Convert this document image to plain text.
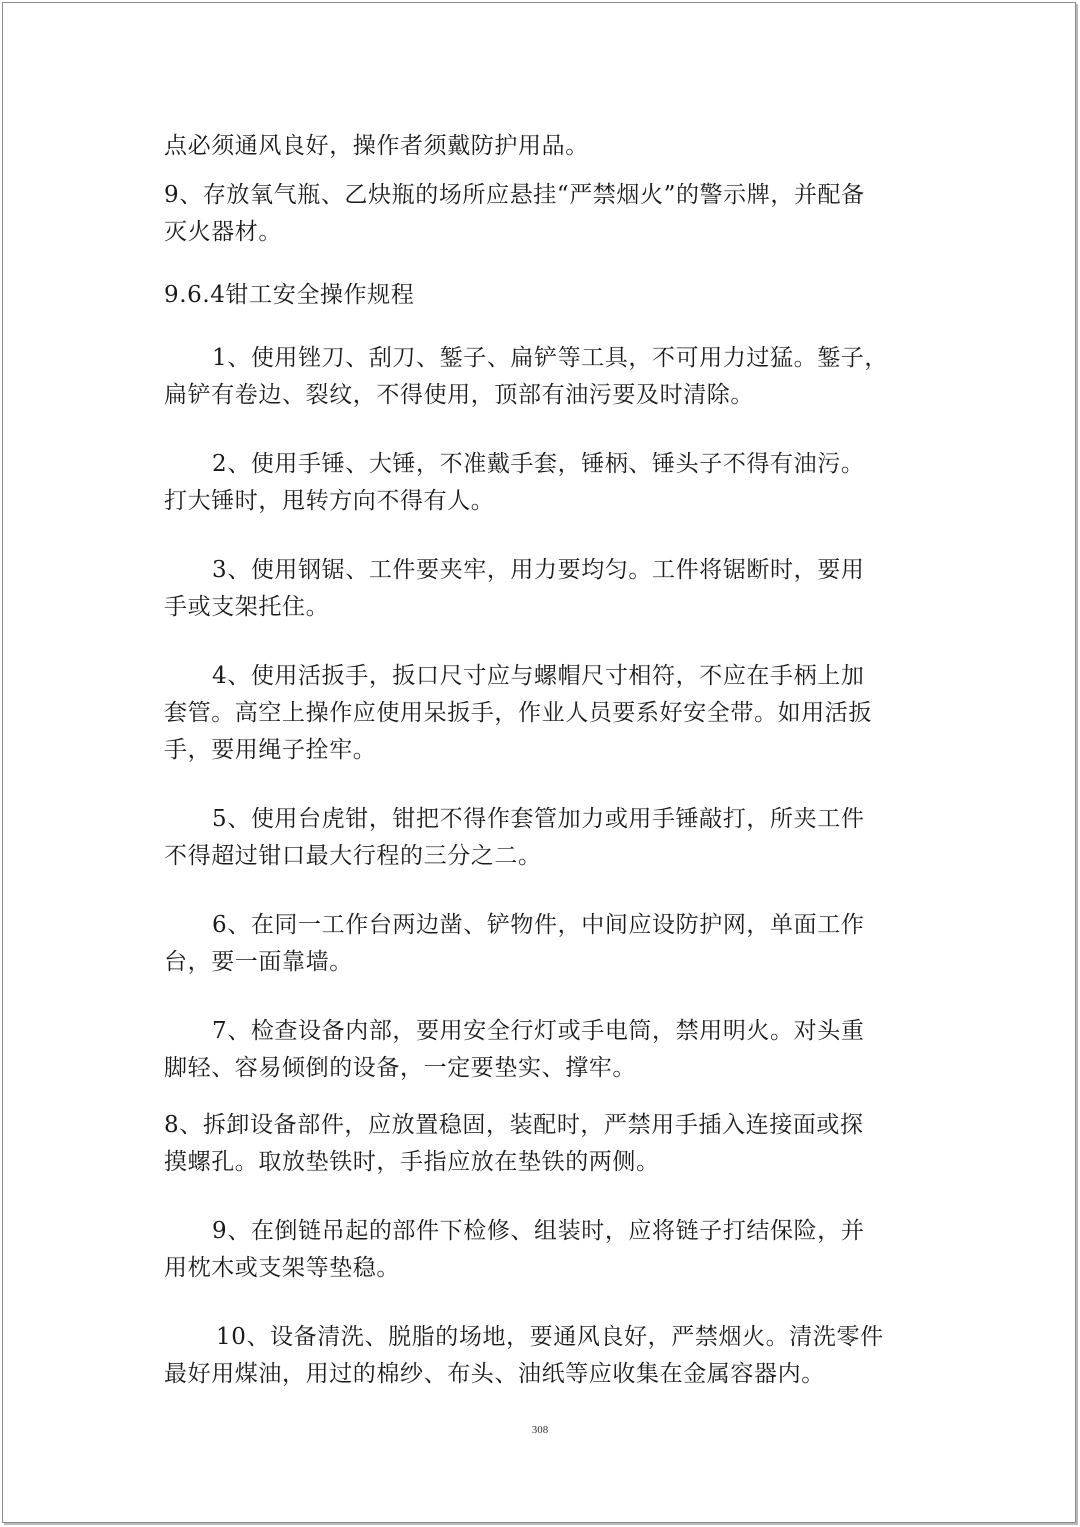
点必须通风良好，操作者须戴防护用品。
9、存放氧气瓶、乙炔瓶的场所应悬挂“严禁烟火”的警示牌，并配备
灭火器材。
9.6.4钳工安全操作规程
1、使用锉刀、刮刀、錾子、扁铲等工具，不可用力过猛。錾子，
扁铲有卷边、裂纹，不得使用，顶部有油污要及时清除。
2、使用手锤、大锤，不准戴手套，锤柄、锤头子不得有油污。
打大锤时，甩转方向不得有人。
3、使用钢锯、工件要夹牢，用力要均匀。工件将锯断时，要用
手或支架托住。
4、使用活扳手，扳口尺寸应与螺帽尺寸相符，不应在手柄上加
套管。高空上操作应使用呆扳手，作业人员要系好安全带。如用活扳
手，要用绳子拴牢。
5、使用台虎钳，钳把不得作套管加力或用手锤敲打，所夹工件
不得超过钳口最大行程的三分之二。
6、在同一工作台两边凿、铲物件，中间应设防护网，单面工作
台，要一面靠墙。
7、检查设备内部，要用安全行灯或手电筒，禁用明火。对头重
脚轻、容易倾倒的设备，一定要垫实、撑牢。
8、拆卸设备部件，应放置稳固，装配时，严禁用手插入连接面或探
摸螺孔。取放垫铁时，手指应放在垫铁的两侧。
9、在倒链吊起的部件下检修、组装时，应将链子打结保险，并
用枕木或支架等垫稳。
10、设备清洗、脱脂的场地，要通风良好，严禁烟火。清洗零件
最好用煤油，用过的棉纱、布头、油纸等应收集在金属容器内。
308
